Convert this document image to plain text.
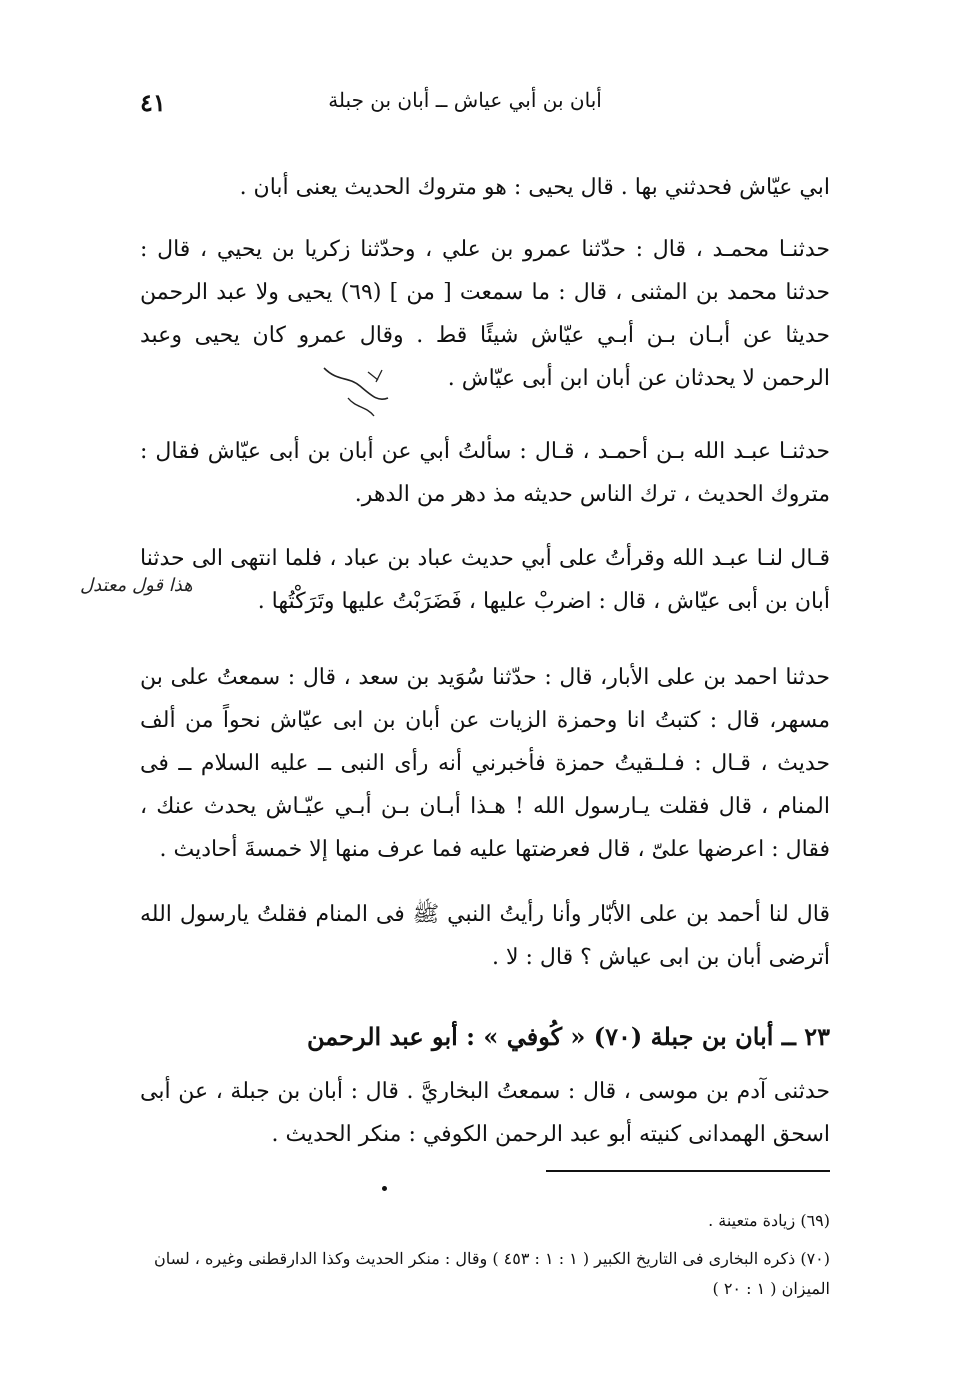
أبان بن أبي عياش ــ أبان بن جبلة
٤١

ابي عيّاش فحدثني بها . قال يحيى : هو متروك الحديث يعنى أبان .

حدثنـا محمـد ، قال : حدّثنا عمرو بن علي ، وحدّثنا زكريا بن يحيي ، قال : حدثنا محمد بن المثنى ، قال : ما سمعت [ من ] (٦٩) يحيى ولا عبد الرحمن حديثا عن أبـان بـن أبـي عيّاش شيئًا قط . وقال عمرو كان يحيى وعبد الرحمن لا يحدثان عن أبان ابن أبى عيّاش .

حدثنـا عبـد الله بـن أحمـد ، قـال : سألتُ أبي عن أبان بن أبى عيّاش فقال : متروك الحديث ، ترك الناس حديثه مذ دهر من الدهر.

قـال لنـا عبـد الله وقرأتُ على أبي حديث عباد بن عباد ، فلما انتهى الى حدثنا أبان بن أبى عيّاش ، قال : اضربْ عليها ، فَضَرَبْتُ عليها وتَرَكْتُها .

هذا قول معتدل

حدثنا احمد بن على الأبار، قال : حدّثنا سُوَيد بن سعد ، قال : سمعتُ على بن مسهر، قال : كتبتُ انا وحمزة الزيات عن أبان بن ابى عيّاش نحواً من ألف حديث ، قـال : فـلـقيتُ حمزة فأخبرني أنه رأى النبى ــ عليه السلام ــ فى المنام ، قال فقلت يـارسول الله ! هـذا أبـان بـن أبـي عيّـاش يحدث عنك ، فقال : اعرضها علىّ ، قال فعرضتها عليه فما عرف منها إلا خمسةَ أحاديث .

قال لنا أحمد بن على الأبّار وأنا رأيتُ النبي ﷺ فى المنام فقلتُ يارسول الله أترضى أبان بن ابى عياش ؟ قال : لا .

٢٣ ــ أبان بن جبلة (٧٠) « كُوفي » : أبو عبد الرحمن

حدثنى آدم بن موسى ، قال : سمعتُ البخاريَّ . قال : أبان بن جبلة ، عن أبى اسحق الهمدانى كنيته أبو عبد الرحمن الكوفي : منكر الحديث .

(٦٩) زيادة متعينة .
(٧٠) ذكره البخارى فى التاريخ الكبير ( ١ : ١ : ٤٥٣ ) وقال : منكر الحديث وكذا الدارقطنى وغيره ، لسان الميزان ( ١ : ٢٠ )
